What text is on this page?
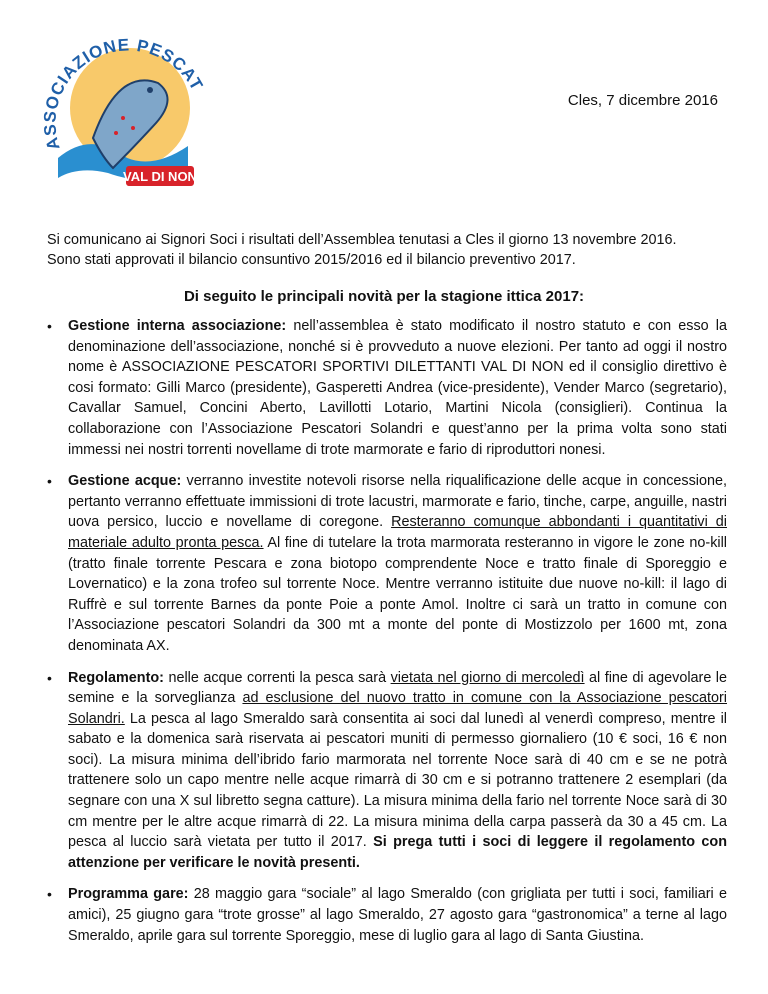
ASSOCIAZIONE PESCAT
VAL DI NON
Cles, 7 dicembre 2016
Si comunicano ai Signori Soci i risultati dell’Assemblea tenutasi a Cles il giorno 13 novembre 2016.
Sono stati approvati il bilancio consuntivo 2015/2016 ed il bilancio preventivo 2017.
Di seguito le principali novità per la stagione ittica 2017:
• Gestione interna associazione: nell’assemblea è stato modificato il nostro statuto e con esso la denominazione dell’associazione, nonché si è provveduto a nuove elezioni. Per tanto ad oggi il nostro nome è ASSOCIAZIONE PESCATORI SPORTIVI DILETTANTI VAL DI NON ed il consiglio direttivo è cosi formato: Gilli Marco (presidente), Gasperetti Andrea (vice-presidente), Vender Marco (segretario), Cavallar Samuel, Concini Aberto, Lavillotti Lotario, Martini Nicola (consiglieri). Continua la collaborazione con l’Associazione Pescatori Solandri e quest’anno per la prima volta sono stati immessi nei nostri torrenti novellame di trote marmorate e fario di riproduttori nonesi.
• Gestione acque: verranno investite notevoli risorse nella riqualificazione delle acque in concessione, pertanto verranno effettuate immissioni di trote lacustri, marmorate e fario, tinche, carpe, anguille, nastri uova persico, luccio e novellame di coregone. Resteranno comunque abbondanti i quantitativi di materiale adulto pronta pesca. Al fine di tutelare la trota marmorata resteranno in vigore le zone no-kill (tratto finale torrente Pescara e zona biotopo comprendente Noce e tratto finale di Sporeggio e Lovernatico) e la zona trofeo sul torrente Noce. Mentre verranno istituite due nuove no-kill: il lago di Ruffrè e sul torrente Barnes da ponte Poie a ponte Amol. Inoltre ci sarà un tratto in comune con l’Associazione pescatori Solandri da 300 mt a monte del ponte di Mostizzolo per 1600 mt, zona denominata AX.
• Regolamento: nelle acque correnti la pesca sarà vietata nel giorno di mercoledì al fine di agevolare le semine e la sorveglianza ad esclusione del nuovo tratto in comune con la Associazione pescatori Solandri. La pesca al lago Smeraldo sarà consentita ai soci dal lunedì al venerdì compreso, mentre il sabato e la domenica sarà riservata ai pescatori muniti di permesso giornaliero (10 € soci, 16 € non soci). La misura minima dell’ibrido fario marmorata nel torrente Noce sarà di 40 cm e se ne potrà trattenere solo un capo mentre nelle acque rimarrà di 30 cm e si potranno trattenere 2 esemplari (da segnare con una X sul libretto segna catture). La misura minima della fario nel torrente Noce sarà di 30 cm mentre per le altre acque rimarrà di 22. La misura minima della carpa passerà da 30 a 45 cm. La pesca al luccio sarà vietata per tutto il 2017. Si prega tutti i soci di leggere il regolamento con attenzione per verificare le novità presenti.
• Programma gare: 28 maggio gara “sociale” al lago Smeraldo (con grigliata per tutti i soci, familiari e amici), 25 giugno gara “trote grosse” al lago Smeraldo, 27 agosto gara “gastronomica” a terne al lago Smeraldo, aprile gara sul torrente Sporeggio, mese di luglio gara al lago di Santa Giustina.
